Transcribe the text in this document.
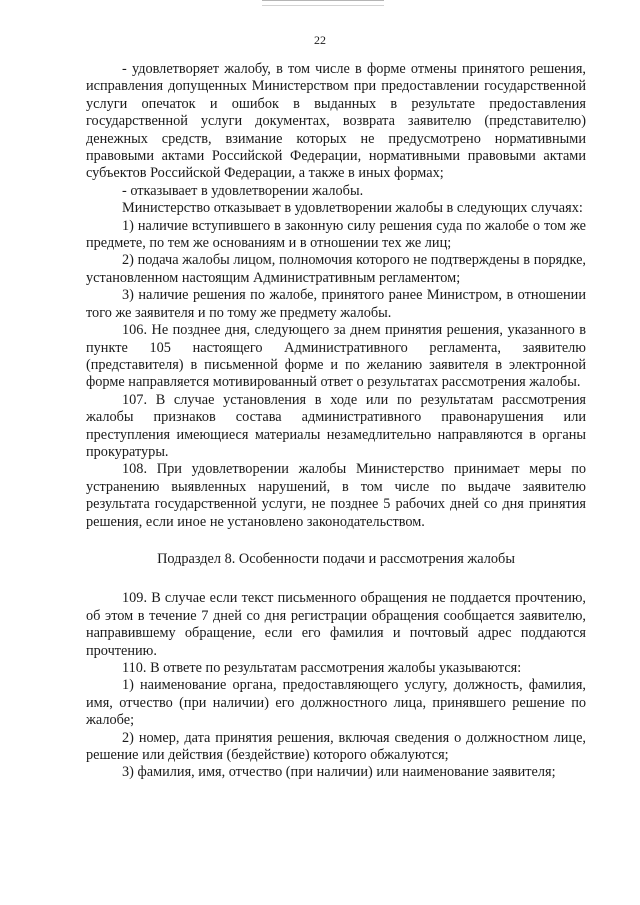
22

- удовлетворяет жалобу, в том числе в форме отмены принятого решения, исправления допущенных Министерством при предоставлении государственной услуги опечаток и ошибок в выданных в результате предоставления государственной услуги документах, возврата заявителю (представителю) денежных средств, взимание которых не предусмотрено нормативными правовыми актами Российской Федерации, нормативными правовыми актами субъектов Российской Федерации, а также в иных формах;

- отказывает в удовлетворении жалобы.

Министерство отказывает в удовлетворении жалобы в следующих случаях:

1) наличие вступившего в законную силу решения суда по жалобе о том же предмете, по тем же основаниям и в отношении тех же лиц;

2) подача жалобы лицом, полномочия которого не подтверждены в порядке, установленном настоящим Административным регламентом;

3) наличие решения по жалобе, принятого ранее Министром, в отношении того же заявителя и по тому же предмету жалобы.

106. Не позднее дня, следующего за днем принятия решения, указанного в пункте 105 настоящего Административного регламента, заявителю (представителя) в письменной форме и по желанию заявителя в электронной форме направляется мотивированный ответ о результатах рассмотрения жалобы.

107. В случае установления в ходе или по результатам рассмотрения жалобы признаков состава административного правонарушения или преступления имеющиеся материалы незамедлительно направляются в органы прокуратуры.

108. При удовлетворении жалобы Министерство принимает меры по устранению выявленных нарушений, в том числе по выдаче заявителю результата государственной услуги, не позднее 5 рабочих дней со дня принятия решения, если иное не установлено законодательством.

Подраздел 8. Особенности подачи и рассмотрения жалобы

109. В случае если текст письменного обращения не поддается прочтению, об этом в течение 7 дней со дня регистрации обращения сообщается заявителю, направившему обращение, если его фамилия и почтовый адрес поддаются прочтению.

110. В ответе по результатам рассмотрения жалобы указываются:

1) наименование органа, предоставляющего услугу, должность, фамилия, имя, отчество (при наличии) его должностного лица, принявшего решение по жалобе;

2) номер, дата принятия решения, включая сведения о должностном лице, решение или действия (бездействие) которого обжалуются;

3) фамилия, имя, отчество (при наличии) или наименование заявителя;
